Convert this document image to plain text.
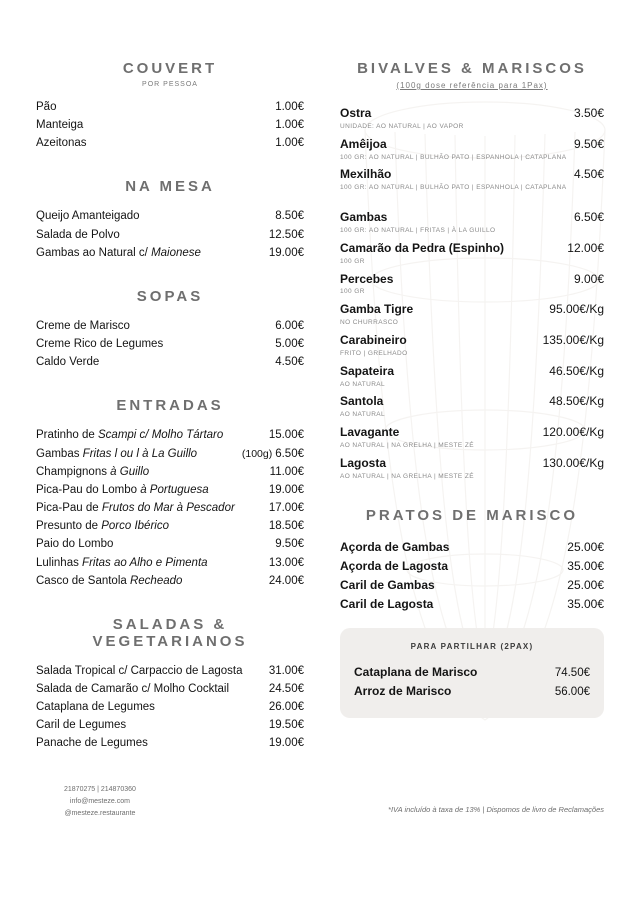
COUVERT
POR PESSOA
Pão	1.00€
Manteiga	1.00€
Azeitonas	1.00€
NA MESA
Queijo Amanteigado	8.50€
Salada de Polvo	12.50€
Gambas ao Natural c/ Maionese	19.00€
SOPAS
Creme de Marisco	6.00€
Creme Rico de Legumes	5.00€
Caldo Verde	4.50€
ENTRADAS
Pratinho de Scampi c/ Molho Tártaro	15.00€
Gambas Fritas l ou l à La Guillo	(100g) 6.50€
Champignons à Guillo	11.00€
Pica-Pau do Lombo à Portuguesa	19.00€
Pica-Pau de Frutos do Mar à Pescador	17.00€
Presunto de Porco Ibérico	18.50€
Paio do Lombo	9.50€
Lulinhas Fritas ao Alho e Pimenta	13.00€
Casco de Santola Recheado	24.00€
SALADAS & VEGETARIANOS
Salada Tropical c/ Carpaccio de Lagosta	31.00€
Salada de Camarão c/ Molho Cocktail	24.50€
Cataplana de Legumes	26.00€
Caril de Legumes	19.50€
Panache de Legumes	19.00€
BIVALVES & MARISCOS
(100g dose referência para 1Pax)
Ostra	3.50€
UNIDADE: AO NATURAL | AO VAPOR
Amêijoa	9.50€
100 GR: AO NATURAL | BULHÃO PATO | ESPANHOLA | CATAPLANA
Mexilhão	4.50€
100 GR: AO NATURAL | BULHÃO PATO | ESPANHOLA | CATAPLANA
Gambas	6.50€
100 GR: AO NATURAL | FRITAS | À LA GUILLO
Camarão da Pedra (Espinho)	12.00€
100 GR
Percebes	9.00€
100 GR
Gamba Tigre	95.00€/Kg
NO CHURRASCO
Carabineiro	135.00€/Kg
FRITO | GRELHADO
Sapateira	46.50€/Kg
AO NATURAL
Santola	48.50€/Kg
AO NATURAL
Lavagante	120.00€/Kg
AO NATURAL | NA GRELHA | MESTE ZÉ
Lagosta	130.00€/Kg
AO NATURAL | NA GRELHA | MESTE ZÉ
PRATOS DE MARISCO
Açorda de Gambas	25.00€
Açorda de Lagosta	35.00€
Caril de Gambas	25.00€
Caril de Lagosta	35.00€
PARA PARTILHAR (2PAX)
Cataplana de Marisco	74.50€
Arroz de Marisco	56.00€
21870275 | 214870360
info@mesteze.com
@mesteze.restaurante	*IVA incluído à taxa de 13% | Dispomos de livro de Reclamações
